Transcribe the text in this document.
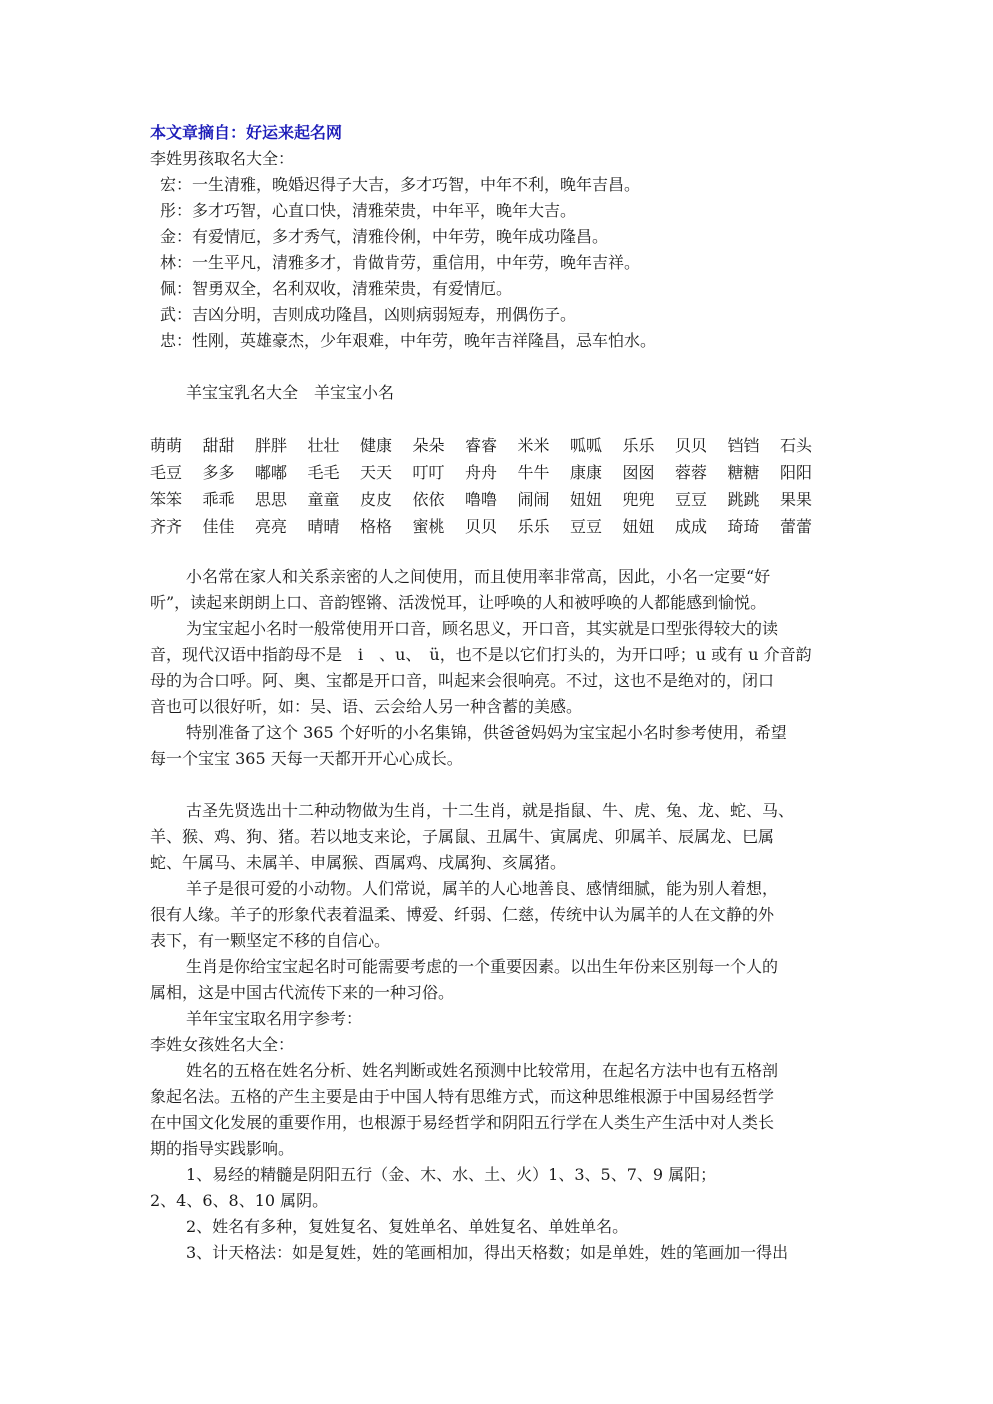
本文章摘自：好运来起名网
李姓男孩取名大全：
宏：一生清雅，晚婚迟得子大吉，多才巧智，中年不利，晚年吉昌。
彤：多才巧智，心直口快，清雅荣贵，中年平，晚年大吉。
金：有爱情厄，多才秀气，清雅伶俐，中年劳，晚年成功隆昌。
林：一生平凡，清雅多才，肯做肯劳，重信用，中年劳，晚年吉祥。
佩：智勇双全，名利双收，清雅荣贵，有爱情厄。
武：吉凶分明，吉则成功隆昌，凶则病弱短寿，刑偶伤子。
忠：性刚，英雄豪杰，少年艰难，中年劳，晚年吉祥隆昌，忌车怕水。
羊宝宝乳名大全　羊宝宝小名
萌萌	甜甜	胖胖	壮壮	健康	朵朵	睿睿	米米	呱呱	乐乐	贝贝	铛铛	石头
毛豆	多多	嘟嘟	毛毛	天天	叮叮	舟舟	牛牛	康康	囡囡	蓉蓉	糖糖	阳阳
笨笨	乖乖	思思	童童	皮皮	依依	噜噜	闹闹	妞妞	兜兜	豆豆	跳跳	果果
齐齐	佳佳	亮亮	晴晴	格格	蜜桃	贝贝	乐乐	豆豆	妞妞	成成	琦琦	蕾蕾
小名常在家人和关系亲密的人之间使用，而且使用率非常高，因此，小名一定要“好
听”，读起来朗朗上口、音韵铿锵、活泼悦耳，让呼唤的人和被呼唤的人都能感到愉悦。
为宝宝起小名时一般常使用开口音，顾名思义，开口音，其实就是口型张得较大的读
音，现代汉语中指韵母不是　i　、u、　ü，也不是以它们打头的，为开口呼；u 或有 u 介音韵
母的为合口呼。阿、奥、宝都是开口音，叫起来会很响亮。不过，这也不是绝对的，闭口
音也可以很好听，如：吴、语、云会给人另一种含蓄的美感。
特别准备了这个 365 个好听的小名集锦，供爸爸妈妈为宝宝起小名时参考使用，希望
每一个宝宝 365 天每一天都开开心心成长。
古圣先贤选出十二种动物做为生肖，十二生肖，就是指鼠、牛、虎、兔、龙、蛇、马、
羊、猴、鸡、狗、猪。若以地支来论，子属鼠、丑属牛、寅属虎、卯属羊、辰属龙、巳属
蛇、午属马、未属羊、申属猴、酉属鸡、戌属狗、亥属猪。
羊子是很可爱的小动物。人们常说，属羊的人心地善良、感情细腻，能为别人着想，
很有人缘。羊子的形象代表着温柔、博爱、纤弱、仁慈，传统中认为属羊的人在文静的外
表下，有一颗坚定不移的自信心。
生肖是你给宝宝起名时可能需要考虑的一个重要因素。以出生年份来区别每一个人的
属相，这是中国古代流传下来的一种习俗。
羊年宝宝取名用字参考：
李姓女孩姓名大全：
姓名的五格在姓名分析、姓名判断或姓名预测中比较常用，在起名方法中也有五格剖
象起名法。五格的产生主要是由于中国人特有思维方式，而这种思维根源于中国易经哲学
在中国文化发展的重要作用，也根源于易经哲学和阴阳五行学在人类生产生活中对人类长
期的指导实践影响。
1、易经的精髓是阴阳五行（金、木、水、土、火）1、3、5、7、9 属阳；
2、4、6、8、10 属阴。
2、姓名有多种，复姓复名、复姓单名、单姓复名、单姓单名。
3、计天格法：如是复姓，姓的笔画相加，得出天格数；如是单姓，姓的笔画加一得出
